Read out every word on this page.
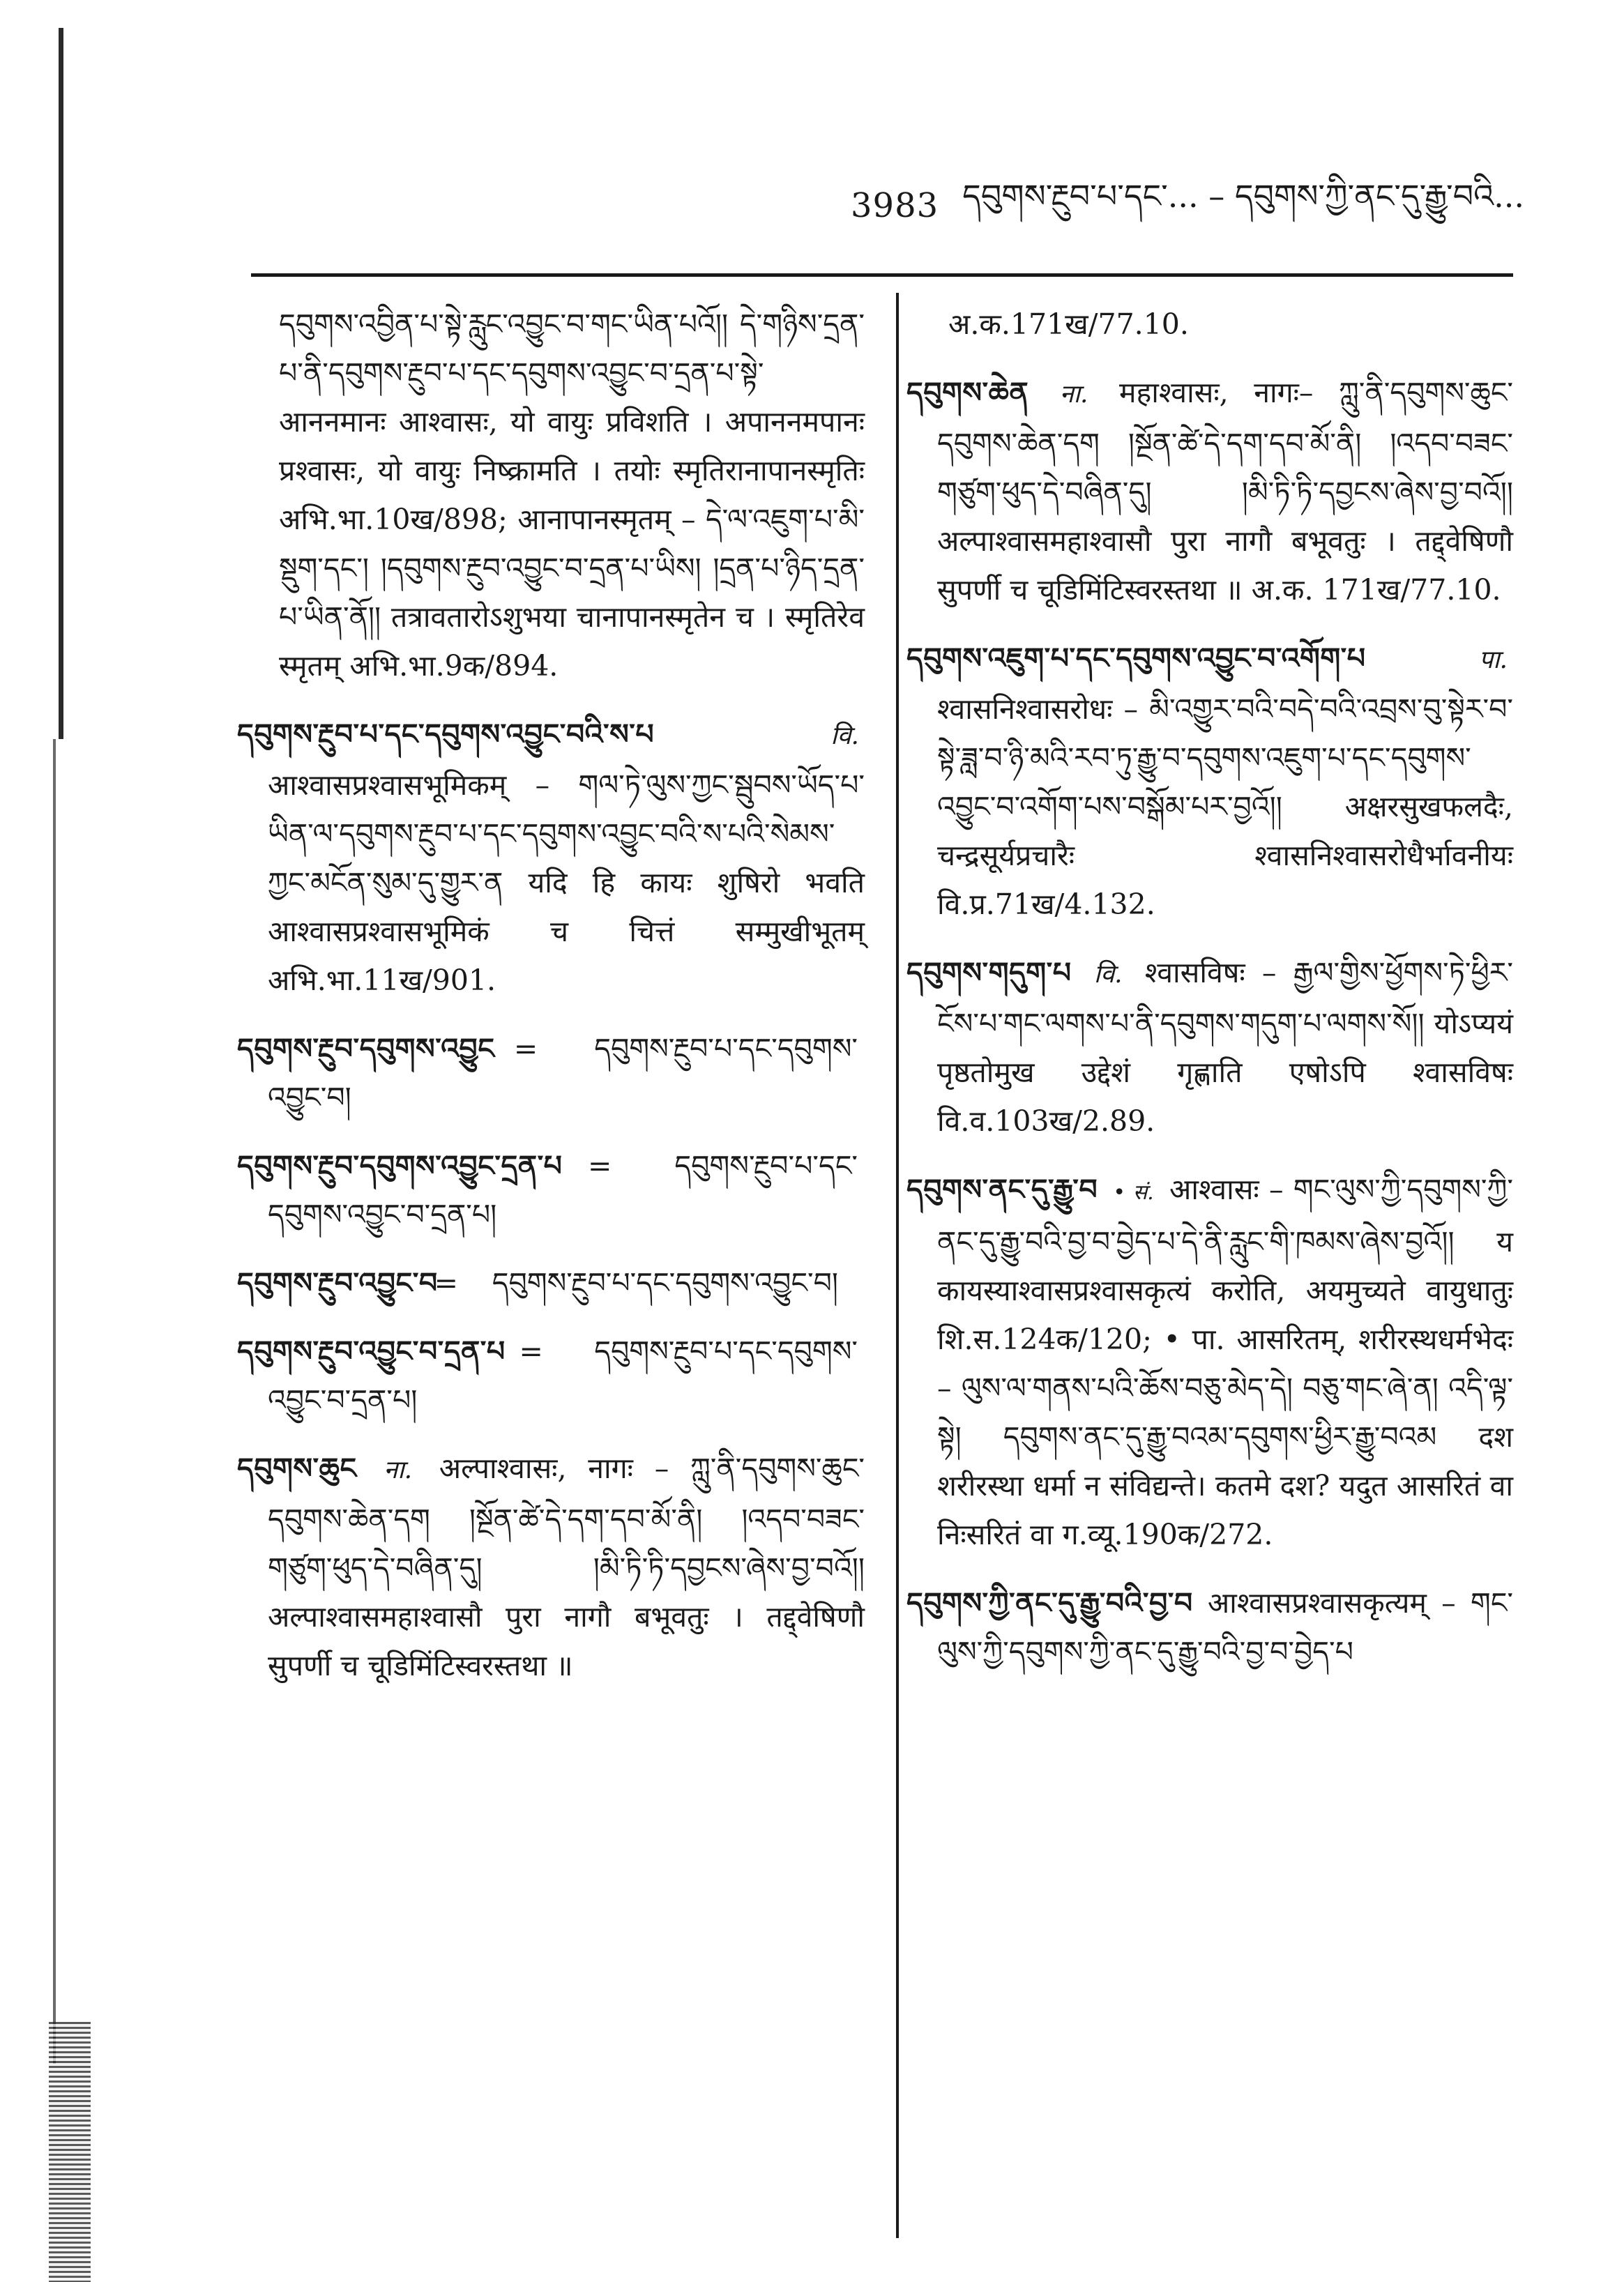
3983 དབུགས་རྔུབ་པ་དང་... – དབུགས་ཀྱི་ནང་དུ་རྒྱུ་བའི...

དབུགས་འབྱིན་པ་སྟེ་རླུང་འབྱུང་བ་གང་ཡིན་པའོ།། དེ་གཉིས་དྲན་པ་ནི་དབུགས་རྔུབ་པ་དང་དབུགས་འབྱུང་བ་དྲན་པ་སྟེ་ आननमानः आश्वासः, यो वायुः प्रविशति । अपाननमपानः प्रश्वासः, यो वायुः निष्क्रामति । तयोः स्मृतिरानापानस्मृतिः अभि.भा.10ख/898; आनापानस्मृतम् – དེ་ལ་འཇུག་པ་མི་སྡུག་དང་། །དབུགས་རྔུབ་འབྱུང་བ་དྲན་པ་ཡིས། །དྲན་པ་ཉིད་དྲན་པ་ཡིན་ནོ།། तत्रावतारोऽशुभया चानापानस्मृतेन च । स्मृतिरेव स्मृतम् अभि.भा.9क/894.

དབུགས་རྔུབ་པ་དང་དབུགས་འབྱུང་བའི་ས་པ	वि. आश्वासप्रश्वासभूमिकम् – གལ་ཏེ་ལུས་ཀྱང་སྦུབས་ཡོད་པ་ཡིན་ལ་དབུགས་རྔུབ་པ་དང་དབུགས་འབྱུང་བའི་ས་པའི་སེམས་ཀྱང་མངོན་སུམ་དུ་གྱུར་ན यदि हि कायः शुषिरो भवति आश्वासप्रश्वासभूमिकं च चित्तं सम्मुखीभूतम् अभि.भा.11ख/901.

དབུགས་རྔུབ་དབུགས་འབྱུང = དབུགས་རྔུབ་པ་དང་དབུགས་འབྱུང་བ།

དབུགས་རྔུབ་དབུགས་འབྱུང་དྲན་པ = དབུགས་རྔུབ་པ་དང་དབུགས་འབྱུང་བ་དྲན་པ།

དབུགས་རྔུབ་འབྱུང་བ = དབུགས་རྔུབ་པ་དང་དབུགས་འབྱུང་བ།

དབུགས་རྔུབ་འབྱུང་བ་དྲན་པ = དབུགས་རྔུབ་པ་དང་དབུགས་འབྱུང་བ་དྲན་པ།

དབུགས་ཆུང ना. अल्पाश्वासः, नागः – ཀླུ་ནི་དབུགས་ཆུང་དབུགས་ཆེན་དག །སྔོན་ཚེ་དེ་དག་དབ་མོ་ནི། །འདབ་བཟང་གཙུག་ཕུད་དེ་བཞིན་དུ། །མི་ཏི་ཏི་དབྱངས་ཞེས་བྱ་བའོ།། अल्पाश्वासमहाश्वासौ पुरा नागौ बभूवतुः । तद्द्वेषिणौ सुपर्णी च चूडिमिंटिस्वरस्तथा ॥

अ.क.171ख/77.10.

དབུགས་ཆེན ना. महाश्वासः, नागः– ཀླུ་ནི་དབུགས་ཆུང་དབུགས་ཆེན་དག །སྔོན་ཚེ་དེ་དག་དབ་མོ་ནི། །འདབ་བཟང་གཙུག་ཕུད་དེ་བཞིན་དུ། །མི་ཏི་ཏི་དབྱངས་ཞེས་བྱ་བའོ།། अल्पाश्वासमहाश्वासौ पुरा नागौ बभूवतुः । तद्द्वेषिणौ सुपर्णी च चूडिमिंटिस्वरस्तथा ॥ अ.क. 171ख/77.10.

དབུགས་འཇུག་པ་དང་དབུགས་འབྱུང་བ་འགོག་པ	पा. श्वासनिश्वासरोधः – མི་འགྱུར་བའི་བདེ་བའི་འབྲས་བུ་སྟེར་བ་སྟེ་ཟླ་བ་ཉི་མའི་རབ་ཏུ་རྒྱུ་བ་དབུགས་འཇུག་པ་དང་དབུགས་འབྱུང་བ་འགོག་པས་བསྒོམ་པར་བྱའོ།། अक्षरसुखफलदैः, चन्द्रसूर्यप्रचारैः श्वासनिश्वासरोधैर्भावनीयः वि.प्र.71ख/4.132.

དབུགས་གདུག་པ वि. श्वासविषः – རྒྱལ་གྱིས་ཕྱོགས་ཏེ་ཕྱིར་ངོས་པ་གང་ལགས་པ་ནི་དབུགས་གདུག་པ་ལགས་སོ།། योऽप्ययं पृष्ठतोमुख उद्देशं गृह्णाति एषोऽपि श्वासविषः वि.व.103ख/2.89.

དབུགས་ནང་དུ་རྒྱུ་བ • सं. आश्वासः – གང་ལུས་ཀྱི་དབུགས་ཀྱི་ནང་དུ་རྒྱུ་བའི་བྱ་བ་བྱེད་པ་དེ་ནི་རླུང་གི་ཁམས་ཞེས་བྱའོ།། य कायस्याश्वासप्रश्वासकृत्यं करोति, अयमुच्यते वायुधातुः शि.स.124क/120; • पा. आसरितम्, शरीरस्थधर्मभेदः – ལུས་ལ་གནས་པའི་ཆོས་བཅུ་མེད་དེ། བཅུ་གང་ཞེ་ན། འདི་ལྟ་སྟེ། དབུགས་ནང་དུ་རྒྱུ་བའམ་དབུགས་ཕྱིར་རྒྱུ་བའམ दश शरीरस्था धर्मा न संविद्यन्ते। कतमे दश? यदुत आसरितं वा निःसरितं वा ग.व्यू.190क/272.

དབུགས་ཀྱི་ནང་དུ་རྒྱུ་བའི་བྱ་བ आश्वासप्रश्वासकृत्यम् – གང་ལུས་ཀྱི་དབུགས་ཀྱི་ནང་དུ་རྒྱུ་བའི་བྱ་བ་བྱེད་པ
